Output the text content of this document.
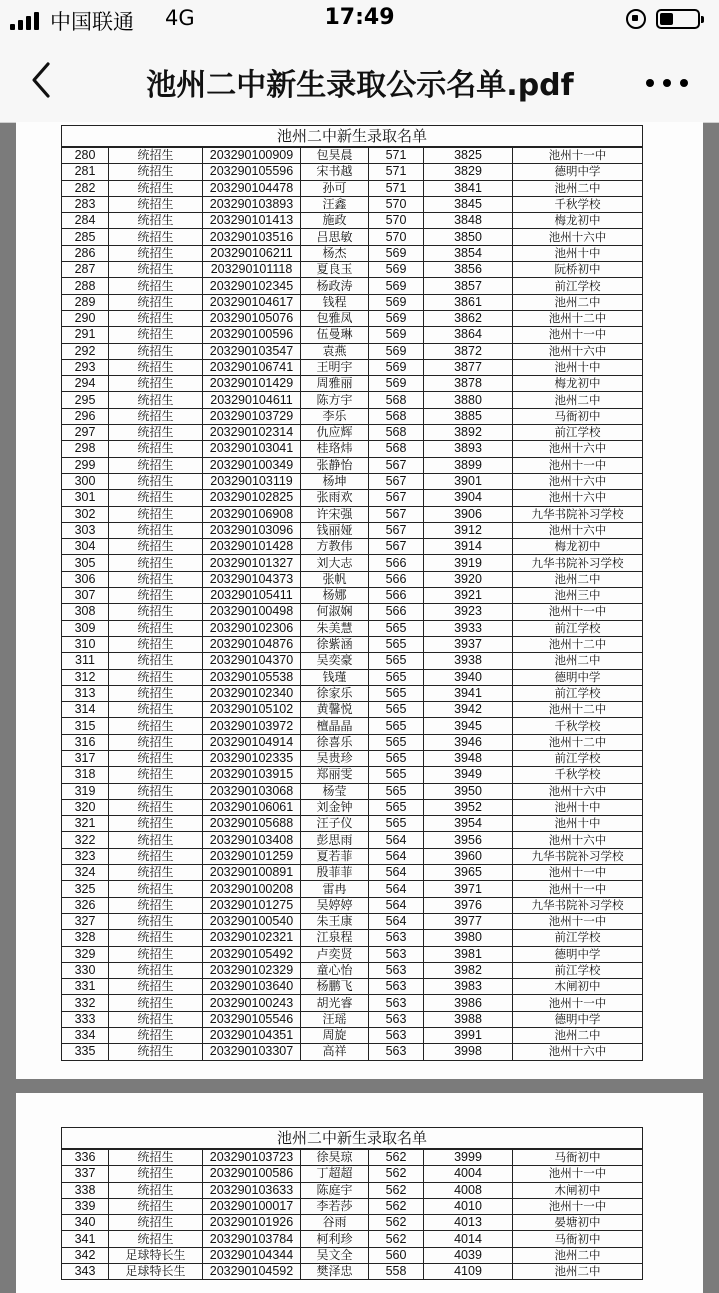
中国联通 4G	17:49
池州二中新生录取公示名单.pdf
池州二中新生录取名单						
280	统招生	203290100909	包昊晨	571	3825	池州十一中
281	统招生	203290105596	宋书越	571	3829	德明中学
282	统招生	203290104478	孙可	571	3841	池州二中
283	统招生	203290103893	汪鑫	570	3845	千秋学校
284	统招生	203290101413	施政	570	3848	梅龙初中
285	统招生	203290103516	吕思敏	570	3850	池州十六中
286	统招生	203290106211	杨杰	569	3854	池州十中
287	统招生	203290101118	夏良玉	569	3856	阮桥初中
288	统招生	203290102345	杨政涛	569	3857	前江学校
289	统招生	203290104617	钱程	569	3861	池州二中
290	统招生	203290105076	包雅凤	569	3862	池州十二中
291	统招生	203290100596	伍曼琳	569	3864	池州十一中
292	统招生	203290103547	袁燕	569	3872	池州十六中
293	统招生	203290106741	王明宇	569	3877	池州十中
294	统招生	203290101429	周雅丽	569	3878	梅龙初中
295	统招生	203290104611	陈方宇	568	3880	池州二中
296	统招生	203290103729	李乐	568	3885	马衙初中
297	统招生	203290102314	仇应辉	568	3892	前江学校
298	统招生	203290103041	桂珞炜	568	3893	池州十六中
299	统招生	203290100349	张静怡	567	3899	池州十一中
300	统招生	203290103119	杨坤	567	3901	池州十六中
301	统招生	203290102825	张雨欢	567	3904	池州十六中
302	统招生	203290106908	许宋强	567	3906	九华书院补习学校
303	统招生	203290103096	钱丽娅	567	3912	池州十六中
304	统招生	203290101428	方教伟	567	3914	梅龙初中
305	统招生	203290101327	刘大志	566	3919	九华书院补习学校
306	统招生	203290104373	张帆	566	3920	池州二中
307	统招生	203290105411	杨娜	566	3921	池州三中
308	统招生	203290100498	何淑娴	566	3923	池州十一中
309	统招生	203290102306	朱美慧	565	3933	前江学校
310	统招生	203290104876	徐紫涵	565	3937	池州十二中
311	统招生	203290104370	吴奕豪	565	3938	池州二中
312	统招生	203290105538	钱瑾	565	3940	德明中学
313	统招生	203290102340	徐家乐	565	3941	前江学校
314	统招生	203290105102	黄馨悦	565	3942	池州十二中
315	统招生	203290103972	檀晶晶	565	3945	千秋学校
316	统招生	203290104914	徐喜乐	565	3946	池州十二中
317	统招生	203290102335	吴贵珍	565	3948	前江学校
318	统招生	203290103915	郑丽雯	565	3949	千秋学校
319	统招生	203290103068	杨莹	565	3950	池州十六中
320	统招生	203290106061	刘金钟	565	3952	池州十中
321	统招生	203290105688	汪子仪	565	3954	池州十中
322	统招生	203290103408	彭思雨	564	3956	池州十六中
323	统招生	203290101259	夏若菲	564	3960	九华书院补习学校
324	统招生	203290100891	殷菲菲	564	3965	池州十一中
325	统招生	203290100208	雷冉	564	3971	池州十一中
326	统招生	203290101275	吴婷婷	564	3976	九华书院补习学校
327	统招生	203290100540	朱王康	564	3977	池州十一中
328	统招生	203290102321	江泉程	563	3980	前江学校
329	统招生	203290105492	卢奕贤	563	3981	德明中学
330	统招生	203290102329	童心怡	563	3982	前江学校
331	统招生	203290103640	杨鹏飞	563	3983	木闸初中
332	统招生	203290100243	胡光睿	563	3986	池州十一中
333	统招生	203290105546	汪瑶	563	3988	德明中学
334	统招生	203290104351	周旋	563	3991	池州二中
335	统招生	203290103307	高祥	563	3998	池州十六中
池州二中新生录取名单						
336	统招生	203290103723	徐昊琼	562	3999	马衙初中
337	统招生	203290100586	丁超超	562	4004	池州十一中
338	统招生	203290103633	陈庭宇	562	4008	木闸初中
339	统招生	203290100017	李若莎	562	4010	池州十一中
340	统招生	203290101926	谷雨	562	4013	晏塘初中
341	统招生	203290103784	柯利珍	562	4014	马衙初中
342	足球特长生	203290104344	吴文全	560	4039	池州二中
343	足球特长生	203290104592	樊泽忠	558	4109	池州二中
